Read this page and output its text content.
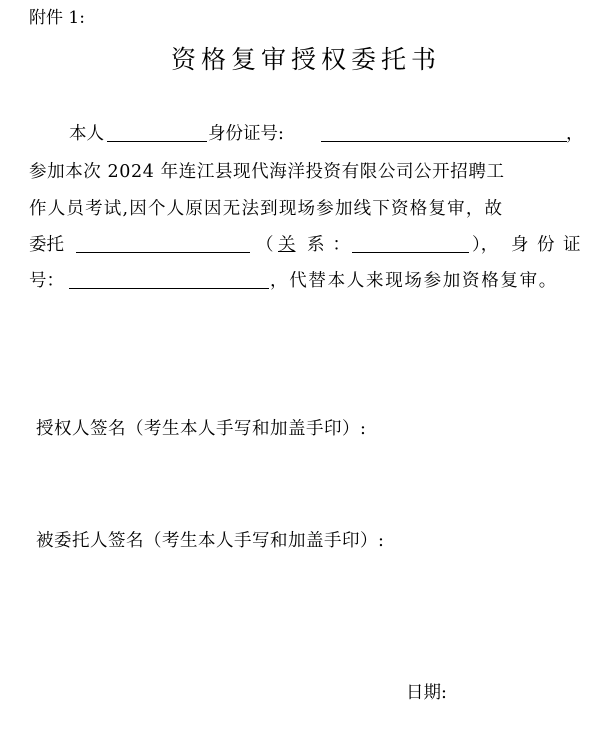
附件 1:
资格复审授权委托书
本人	身份证号:	，
参加本次 2024 年连江县现代海洋投资有限公司公开招聘工
作人员考试,因个人原因无法到现场参加线下资格复审，故
委托	（ 关 系：	）， 身 份 证
号：	，代替本人来现场参加资格复审。
授权人签名（考生本人手写和加盖手印）:
被委托人签名（考生本人手写和加盖手印）:
日期:
